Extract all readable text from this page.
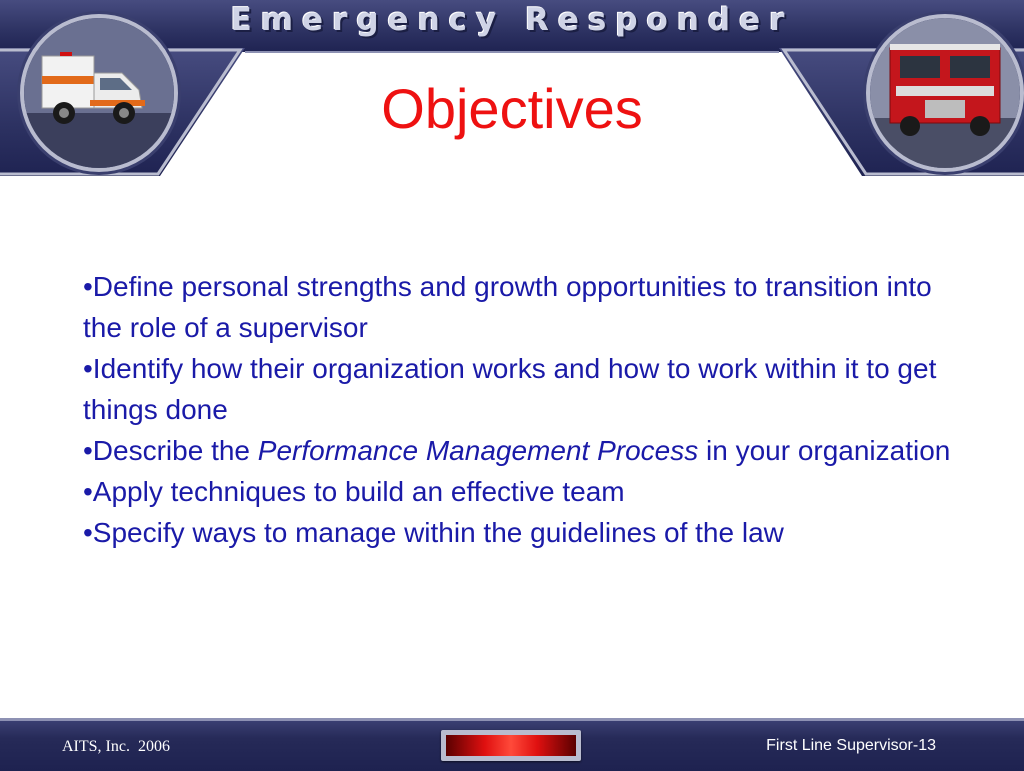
Emergency Responder
Objectives
•Define personal strengths and growth opportunities to transition into the role of a supervisor
•Identify how their organization works and how to work within it to get things done
•Describe the Performance Management Process in your organization
•Apply techniques to build an effective team
•Specify ways to manage within the guidelines of the law
AITS, Inc.  2006	First Line Supervisor-13
